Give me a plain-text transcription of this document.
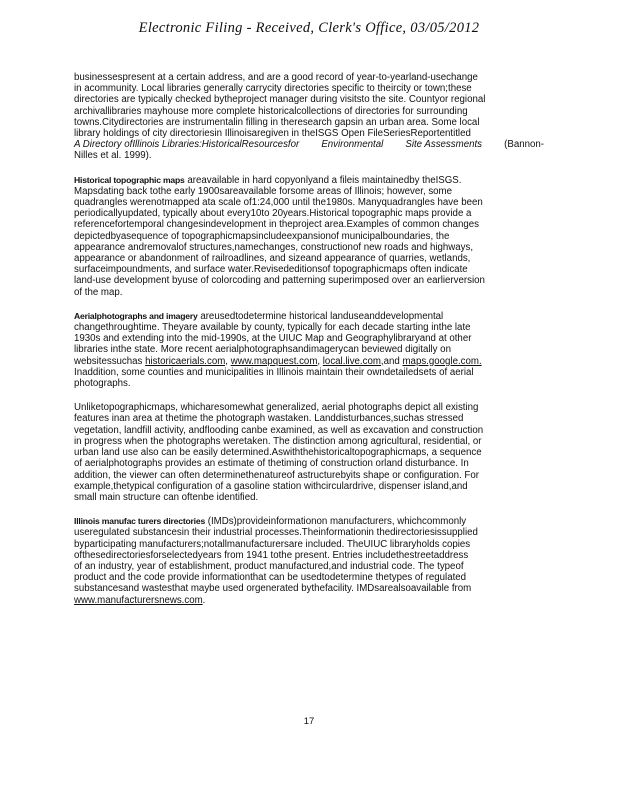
Electronic Filing - Received, Clerk's Office, 03/05/2012
businessespresent at a certain address, and are a good record of year-to-yearland-usechange
in acommunity. Local libraries generally carrycity directories specific to theircity or town;these
directories are typically checked bytheproject manager during visitsto the site. Countyor regional
archivallibraries mayhouse more complete historicalcollections of directories for surrounding
towns.Citydirectories are instrumentalin filling in theresearch gapsin an urban area. Some local
library holdings of city directoriesin Illinoisaregiven in theISGS Open FileSeriesReportentitled
A Directory ofIllinois Libraries:HistoricalResourcesfor Environmental Site Assessments (Bannon-
Nilles et al. 1999).
Historical topographic maps areavailable in hard copyonlyand a fileis maintainedby theISGS.
Mapsdating back tothe early 1900sareavailable forsome areas of Illinois; however, some
quadrangles werenotmapped ata scale of1:24,000 until the1980s. Manyquadrangles have been
periodicallyupdated, typically about every10to 20years.Historical topographic maps provide a
referencefortemporal changesindevelopment in theproject area.Examples of common changes
depictedbyasequence of topographicmapsincludeexpansionof municipalboundaries, the
appearance andremovalof structures,namechanges, constructionof new roads and highways,
appearance or abandonment of railroadlines, and sizeand appearance of quarries, wetlands,
surfaceimpoundments, and surface water.Revisededitionsof topographicmaps often indicate
land-use development byuse of colorcoding and patterning superimposed over an earlierversion
of the map.
Aerialphotographs and imagery areusedtodetermine historical landuseanddevelopmental
changethroughtime. Theyare available by county, typically for each decade starting inthe late
1930s and extending into the mid-1990s, at the UIUC Map and Geographylibraryand at other
libraries inthe state. More recent aerialphotographsandimagerycan beviewed digitally on
websitessuchas historicaerials.com, www.mapquest.com, local.live.com,and maps.google.com.
Inaddition, some counties and municipalities in Illinois maintain their owndetailedsets of aerial
photographs.
Unliketopographicmaps, whicharesomewhat generalized, aerial photographs depict all existing
features inan area at thetime the photograph wastaken. Landdisturbances,suchas stressed
vegetation, landfill activity, andflooding canbe examined, as well as excavation and construction
in progress when the photographs weretaken. The distinction among agricultural, residential, or
urban land use also can be easily determined.Aswiththehistoricaltopographicmaps, a sequence
of aerialphotographs provides an estimate of thetiming of construction orland disturbance. In
addition, the viewer can often determinethenatureof astructurebyits shape or configuration. For
example,thetypical configuration of a gasoline station withcirculardrive, dispenser island,and
small main structure can oftenbe identified.
Illinois manufac turers directories (IMDs)provideinformationon manufacturers, whichcommonly
useregulated substancesin their industrial processes.Theinformationin thedirectoriesissupplied
byparticipating manufacturers;notallmanufacturersare included. TheUIUC libraryholds copies
ofthesedirectoriesforselectedyears from 1941 tothe present. Entries includethestreetaddress
of an industry, year of establishment, product manufactured,and industrial code. The typeof
product and the code provide informationthat can be usedtodetermine thetypes of regulated
substancesand wastesthat maybe used orgenerated bythefacility. IMDsarealsoavailable from
www.manufacturersnews.com.
17
